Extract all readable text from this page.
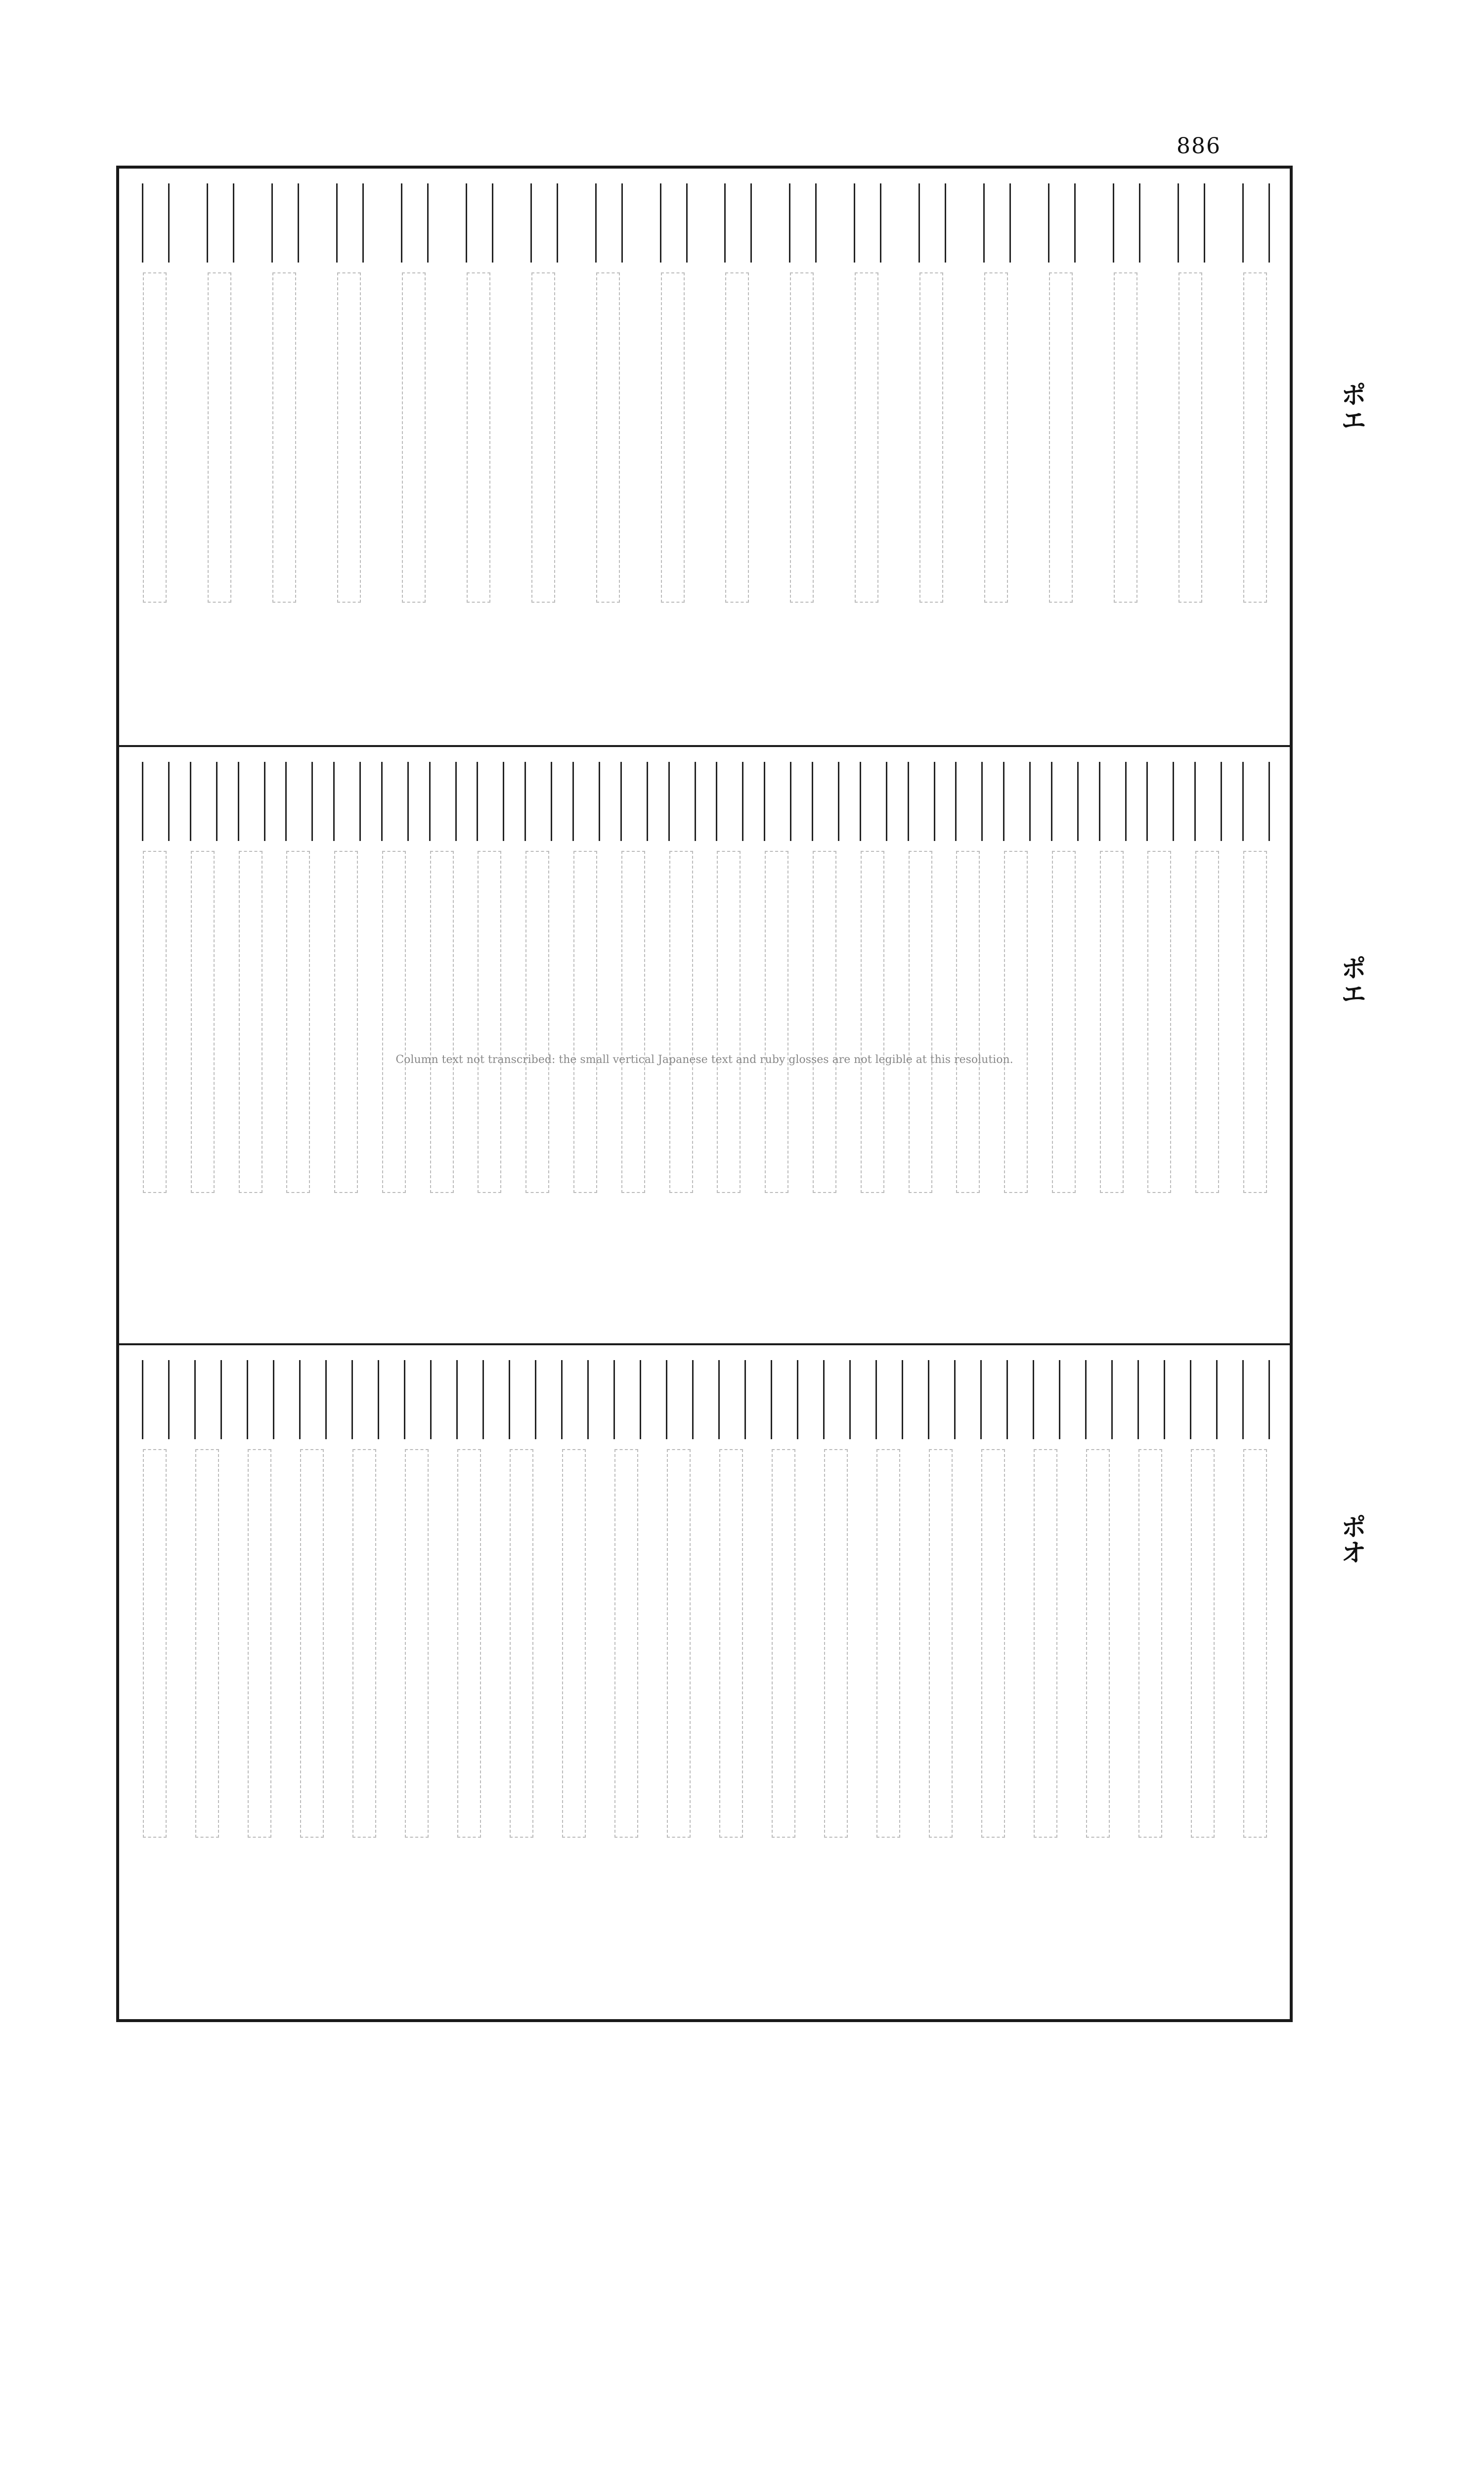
886
ポエ
ポエ
ポオ
Column text not transcribed: the small vertical Japanese text and ruby glosses are not legible at this resolution.
